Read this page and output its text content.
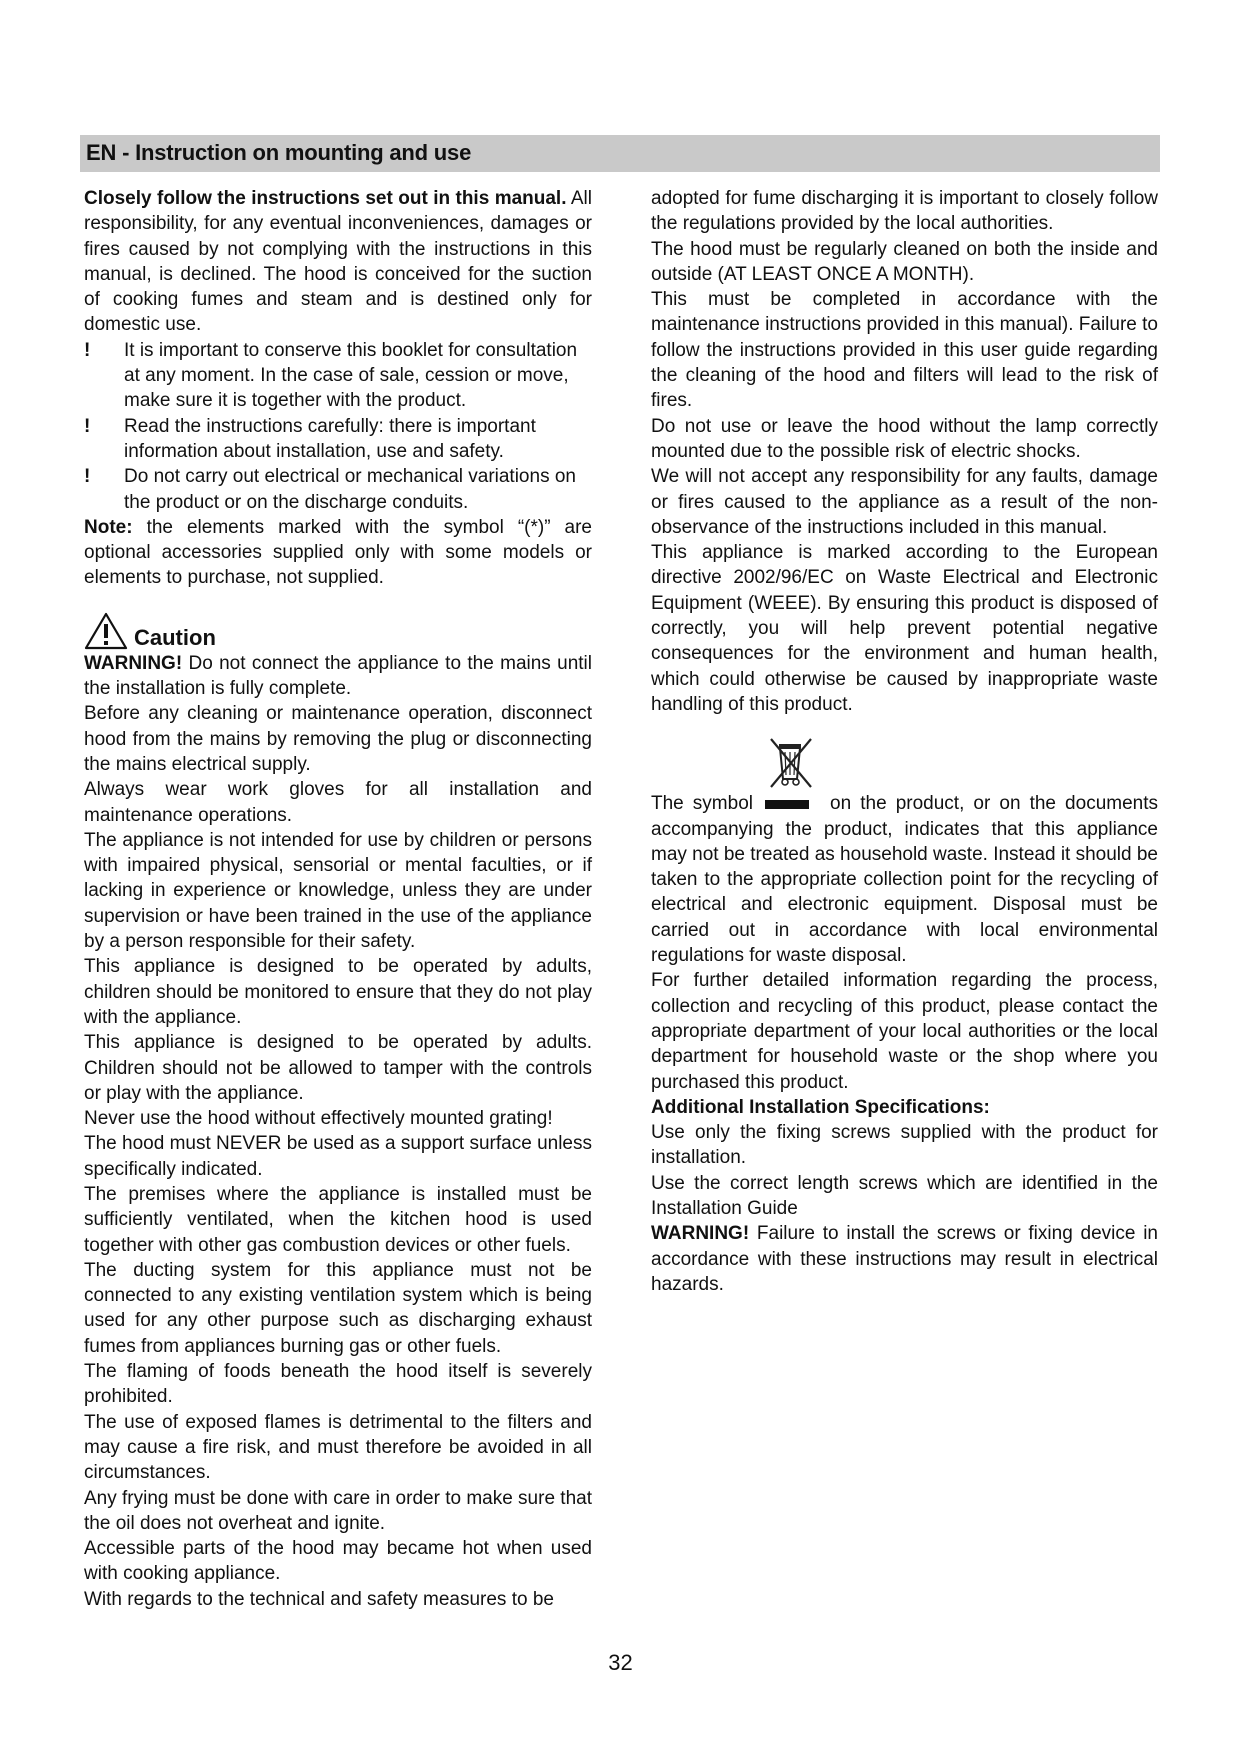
EN - Instruction on mounting and use

Closely follow the instructions set out in this manual. All responsibility, for any eventual inconveniences, damages or fires caused by not complying with the instructions in this manual, is declined. The hood is conceived for the suction of cooking fumes and steam and is destined only for domestic use.

! It is important to conserve this booklet for consultation at any moment. In the case of sale, cession or move, make sure it is together with the product.

! Read the instructions carefully: there is important information about installation, use and safety.

! Do not carry out electrical or mechanical variations on the product or on the discharge conduits.

Note: the elements marked with the symbol “(*)” are optional accessories supplied only with some models or elements to purchase, not supplied.

Caution

WARNING! Do not connect the appliance to the mains until the installation is fully complete.

Before any cleaning or maintenance operation, disconnect hood from the mains by removing the plug or disconnecting the mains electrical supply.

Always wear work gloves for all installation and maintenance operations.

The appliance is not intended for use by children or persons with impaired physical, sensorial or mental faculties, or if lacking in experience or knowledge, unless they are under supervision or have been trained in the use of the appliance by a person responsible for their safety.

This appliance is designed to be operated by adults, children should be monitored to ensure that they do not play with the appliance.

This appliance is designed to be operated by adults. Children should not be allowed to tamper with the controls or play with the appliance.

Never use the hood without effectively mounted grating!

The hood must NEVER be used as a support surface unless specifically indicated.

The premises where the appliance is installed must be sufficiently ventilated, when the kitchen hood is used together with other gas combustion devices or other fuels.

The ducting system for this appliance must not be connected to any existing ventilation system which is being used for any other purpose such as discharging exhaust fumes from appliances burning gas or other fuels.

The flaming of foods beneath the hood itself is severely prohibited.

The use of exposed flames is detrimental to the filters and may cause a fire risk, and must therefore be avoided in all circumstances.

Any frying must be done with care in order to make sure that the oil does not overheat and ignite.

Accessible parts of the hood may became hot when used with cooking appliance.

With regards to the technical and safety measures to be

adopted for fume discharging it is important to closely follow the regulations provided by the local authorities.

The hood must be regularly cleaned on both the inside and outside (AT LEAST ONCE A MONTH).

This must be completed in accordance with the maintenance instructions provided in this manual). Failure to follow the instructions provided in this user guide regarding the cleaning of the hood and filters will lead to the risk of fires.

Do not use or leave the hood without the lamp correctly mounted due to the possible risk of electric shocks.

We will not accept any responsibility for any faults, damage or fires caused to the appliance as a result of the non-observance of the instructions included in this manual.

This appliance is marked according to the European directive 2002/96/EC on Waste Electrical and Electronic Equipment (WEEE). By ensuring this product is disposed of correctly, you will help prevent potential negative consequences for the environment and human health, which could otherwise be caused by inappropriate waste handling of this product.

The symbol	on the product, or on the documents accompanying the product, indicates that this appliance may not be treated as household waste. Instead it should be taken to the appropriate collection point for the recycling of electrical and electronic equipment. Disposal must be carried out in accordance with local environmental regulations for waste disposal.

For further detailed information regarding the process, collection and recycling of this product, please contact the appropriate department of your local authorities or the local department for household waste or the shop where you purchased this product.

Additional Installation Specifications:

Use only the fixing screws supplied with the product for installation.

Use the correct length screws which are identified in the Installation Guide

WARNING! Failure to install the screws or fixing device in accordance with these instructions may result in electrical hazards.

32
